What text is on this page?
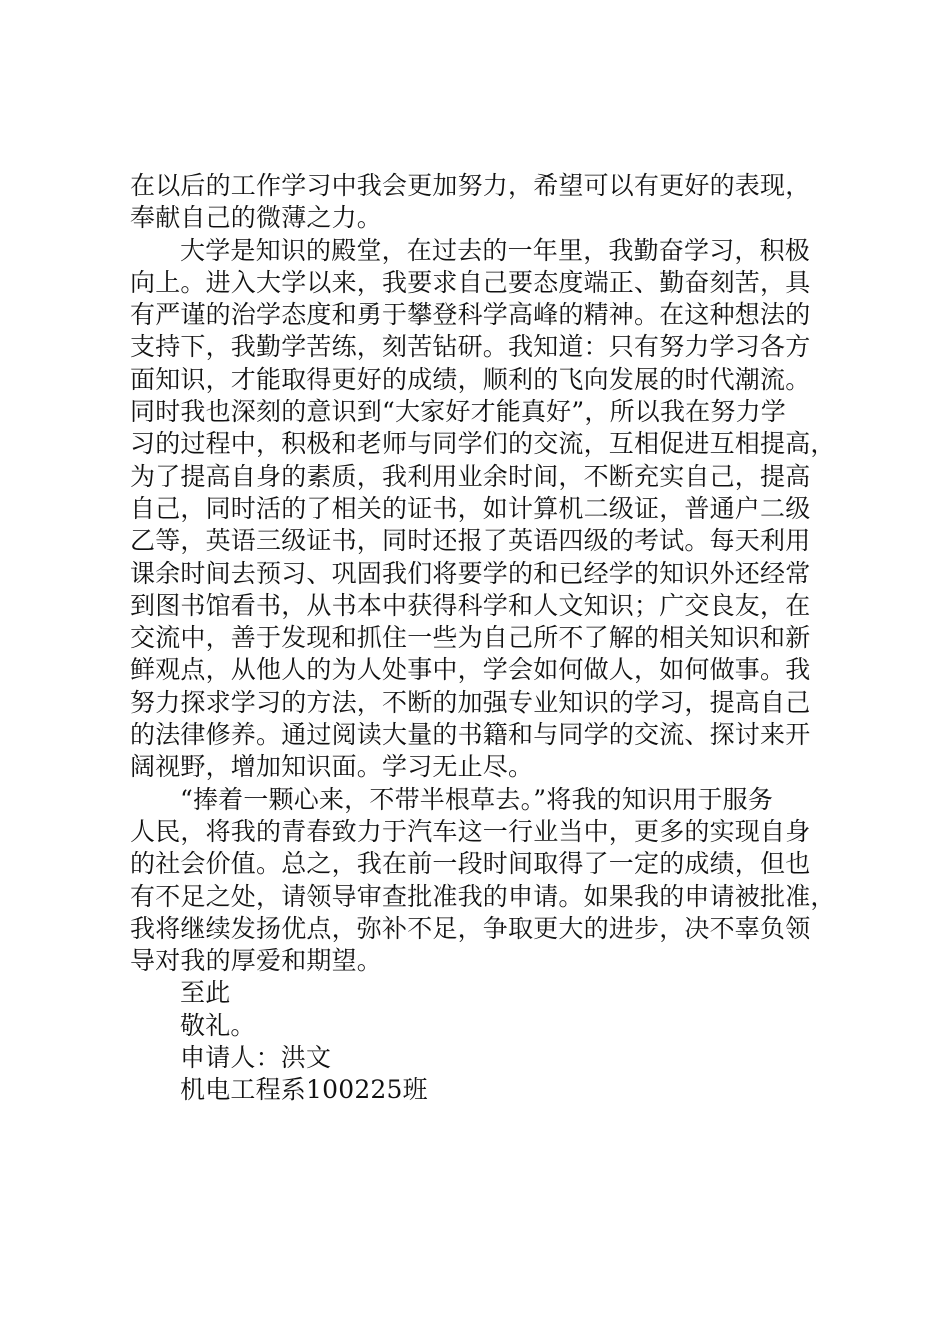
在以后的工作学习中我会更加努力，希望可以有更好的表现，
奉献自己的微薄之力。
大学是知识的殿堂，在过去的一年里，我勤奋学习，积极
向上。进入大学以来，我要求自己要态度端正、勤奋刻苦，具
有严谨的治学态度和勇于攀登科学高峰的精神。在这种想法的
支持下，我勤学苦练，刻苦钻研。我知道：只有努力学习各方
面知识，才能取得更好的成绩，顺利的飞向发展的时代潮流。
同时我也深刻的意识到“大家好才能真好”，所以我在努力学
习的过程中，积极和老师与同学们的交流，互相促进互相提高，
为了提高自身的素质，我利用业余时间，不断充实自己，提高
自己，同时活的了相关的证书，如计算机二级证，普通户二级
乙等，英语三级证书，同时还报了英语四级的考试。每天利用
课余时间去预习、巩固我们将要学的和已经学的知识外还经常
到图书馆看书，从书本中获得科学和人文知识；广交良友，在
交流中，善于发现和抓住一些为自己所不了解的相关知识和新
鲜观点，从他人的为人处事中，学会如何做人，如何做事。我
努力探求学习的方法，不断的加强专业知识的学习，提高自己
的法律修养。通过阅读大量的书籍和与同学的交流、探讨来开
阔视野，增加知识面。学习无止尽。
“捧着一颗心来，不带半根草去。”将我的知识用于服务
人民，将我的青春致力于汽车这一行业当中，更多的实现自身
的社会价值。总之，我在前一段时间取得了一定的成绩，但也
有不足之处，请领导审查批准我的申请。如果我的申请被批准，
我将继续发扬优点，弥补不足，争取更大的进步，决不辜负领
导对我的厚爱和期望。
至此
敬礼。
申请人：洪文
机电工程系100225班
